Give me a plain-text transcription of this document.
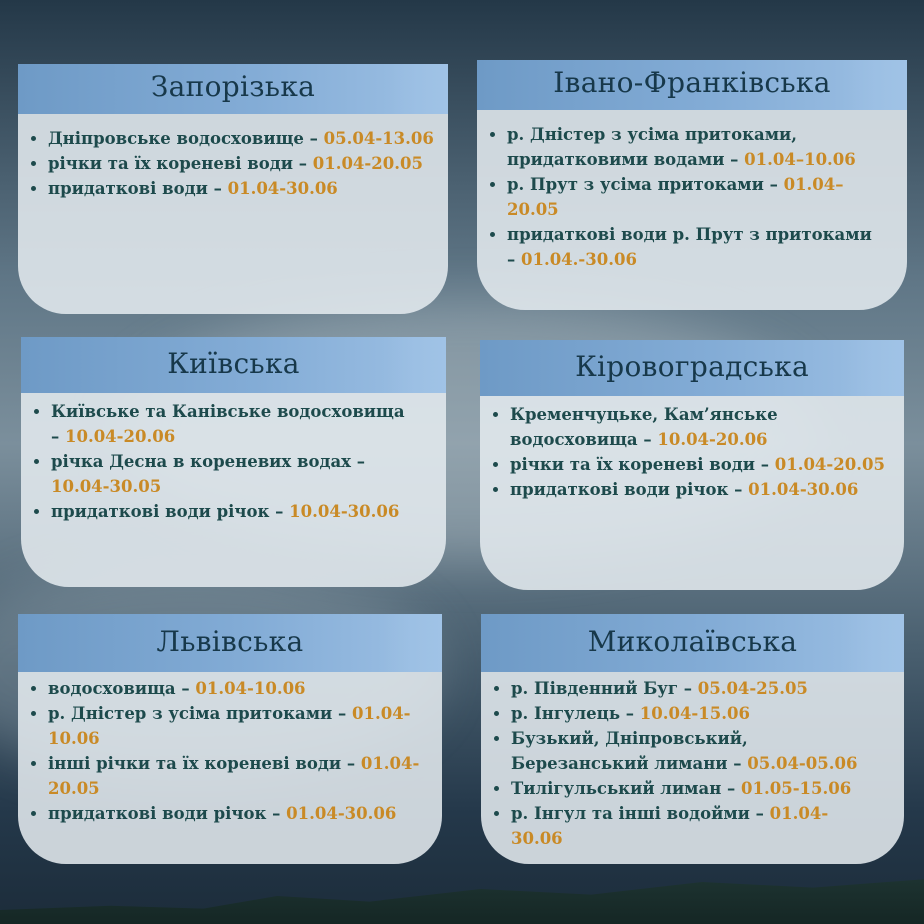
Запорізька
• Дніпровське водосховище – 05.04-13.06
• річки та їх кореневі води – 01.04-20.05
• придаткові води – 01.04-30.06
Івано-Франківська
• р. Дністер з усіма притоками, придатковими водами – 01.04–10.06
• р. Прут з усіма притоками – 01.04–20.05
• придаткові води р. Прут з притоками – 01.04.-30.06
Київська
• Київське та Канівське водосховища – 10.04-20.06
• річка Десна в кореневих водах –10.04-30.05
• придаткові води річок – 10.04-30.06
Кіровоградська
• Кременчуцьке, Кам’янське водосховища – 10.04-20.06
• річки та їх кореневі води – 01.04-20.05
• придаткові води річок – 01.04-30.06
Львівська
• водосховища – 01.04-10.06
• р. Дністер з усіма притоками – 01.04-10.06
• інші річки та їх кореневі води – 01.04-20.05
• придаткові води річок – 01.04-30.06
Миколаївська
• р. Південний Буг – 05.04-25.05
• р. Інгулець – 10.04-15.06
• Бузький, Дніпровський, Березанський лимани – 05.04-05.06
• Тилігульський лиман – 01.05-15.06
• р. Інгул та інші водойми – 01.04-30.06
